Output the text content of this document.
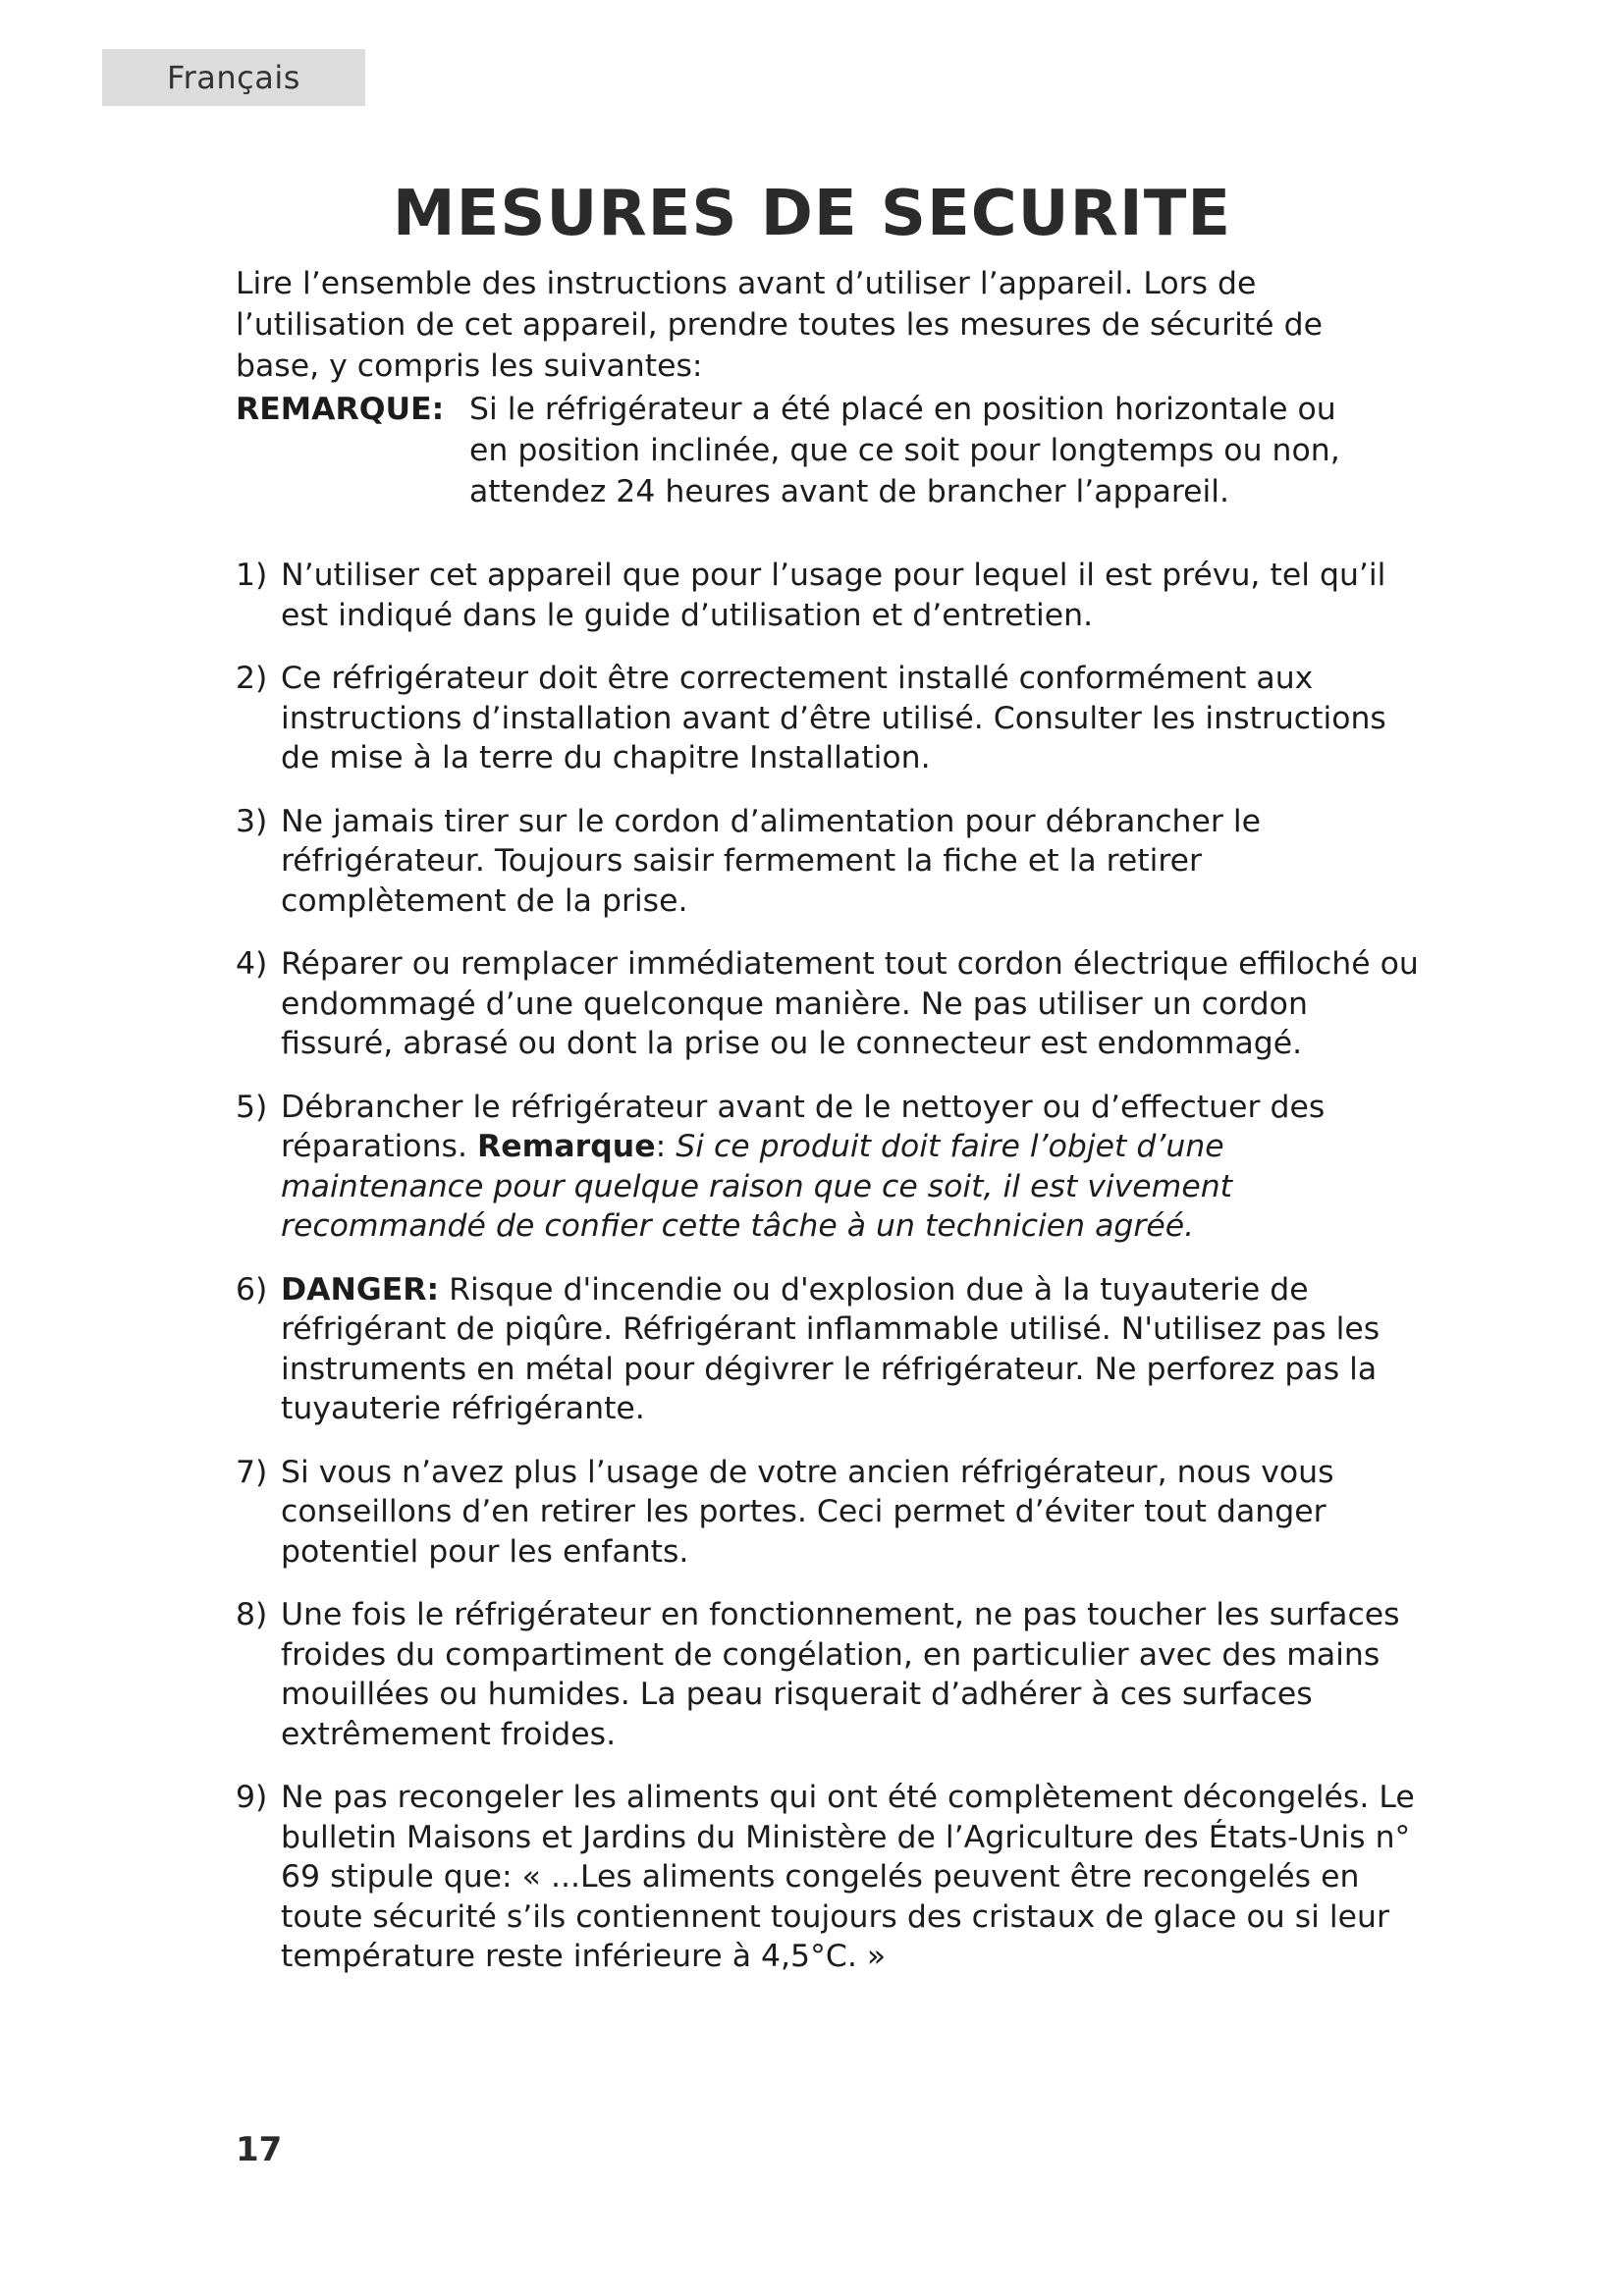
Français
MESURES DE SECURITE

Lire l’ensemble des instructions avant d’utiliser l’appareil. Lors de l’utilisation de cet appareil, prendre toutes les mesures de sécurité de base, y compris les suivantes:

REMARQUE: Si le réfrigérateur a été placé en position horizontale ou en position inclinée, que ce soit pour longtemps ou non, attendez 24 heures avant de brancher l’appareil.

1) N’utiliser cet appareil que pour l’usage pour lequel il est prévu, tel qu’il est indiqué dans le guide d’utilisation et d’entretien.
2) Ce réfrigérateur doit être correctement installé conformément aux instructions d’installation avant d’être utilisé. Consulter les instructions de mise à la terre du chapitre Installation.
3) Ne jamais tirer sur le cordon d’alimentation pour débrancher le réfrigérateur. Toujours saisir fermement la fiche et la retirer complètement de la prise.
4) Réparer ou remplacer immédiatement tout cordon électrique effiloché ou endommagé d’une quelconque manière. Ne pas utiliser un cordon fissuré, abrasé ou dont la prise ou le connecteur est endommagé.
5) Débrancher le réfrigérateur avant de le nettoyer ou d’effectuer des réparations. Remarque: Si ce produit doit faire l’objet d’une maintenance pour quelque raison que ce soit, il est vivement recommandé de confier cette tâche à un technicien agréé.
6) DANGER: Risque d'incendie ou d'explosion due à la tuyauterie de réfrigérant de piqûre. Réfrigérant inflammable utilisé. N'utilisez pas les instruments en métal pour dégivrer le réfrigérateur. Ne perforez pas la tuyauterie réfrigérante.
7) Si vous n’avez plus l’usage de votre ancien réfrigérateur, nous vous conseillons d’en retirer les portes. Ceci permet d’éviter tout danger potentiel pour les enfants.
8) Une fois le réfrigérateur en fonctionnement, ne pas toucher les surfaces froides du compartiment de congélation, en particulier avec des mains mouillées ou humides. La peau risquerait d’adhérer à ces surfaces extrêmement froides.
9) Ne pas recongeler les aliments qui ont été complètement décongelés. Le bulletin Maisons et Jardins du Ministère de l’Agriculture des États-Unis n° 69 stipule que: « ...Les aliments congelés peuvent être recongelés en toute sécurité s’ils contiennent toujours des cristaux de glace ou si leur température reste inférieure à 4,5°C. »
17
